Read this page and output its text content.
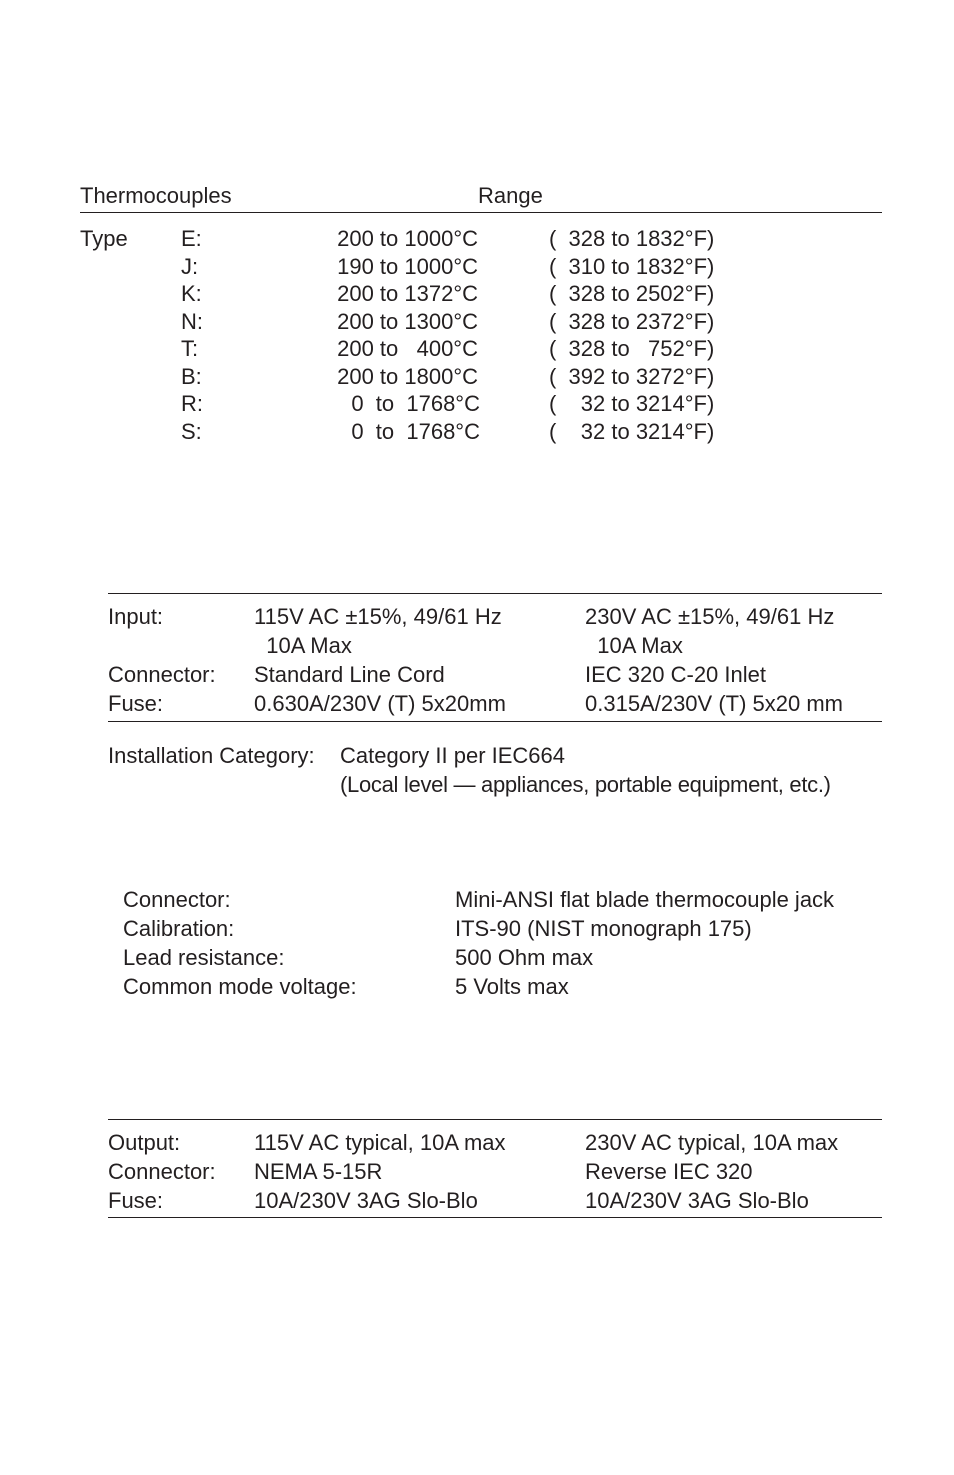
Thermocouples	Range
Type E:	200 to 1000°C	(  328 to 1832°F)
J:	190 to 1000°C	(  310 to 1832°F)
K:	200 to 1372°C	(  328 to 2502°F)
N:	200 to 1300°C	(  328 to 2372°F)
T:	200 to   400°C	(  328 to   752°F)
B:	200 to 1800°C	(  392 to 3272°F)
R:	0  to  1768°C	(    32 to 3214°F)
S:	0  to  1768°C	(    32 to 3214°F)
Input:	115V AC ±15%, 49/61 Hz	230V AC ±15%, 49/61 Hz
10A Max	10A Max
Connector: Standard Line Cord	IEC 320 C-20 Inlet
Fuse:	0.630A/230V (T) 5x20mm	0.315A/230V (T) 5x20 mm
Installation Category: Category II per IEC664
(Local level — appliances, portable equipment, etc.)
Connector:	Mini-ANSI flat blade thermocouple jack
Calibration:	ITS-90 (NIST monograph 175)
Lead resistance:	500 Ohm max
Common mode voltage:	5 Volts max
Output:	115V AC typical, 10A max	230V AC typical, 10A max
Connector: NEMA 5-15R	Reverse IEC 320
Fuse:	10A/230V 3AG Slo-Blo	10A/230V 3AG Slo-Blo
